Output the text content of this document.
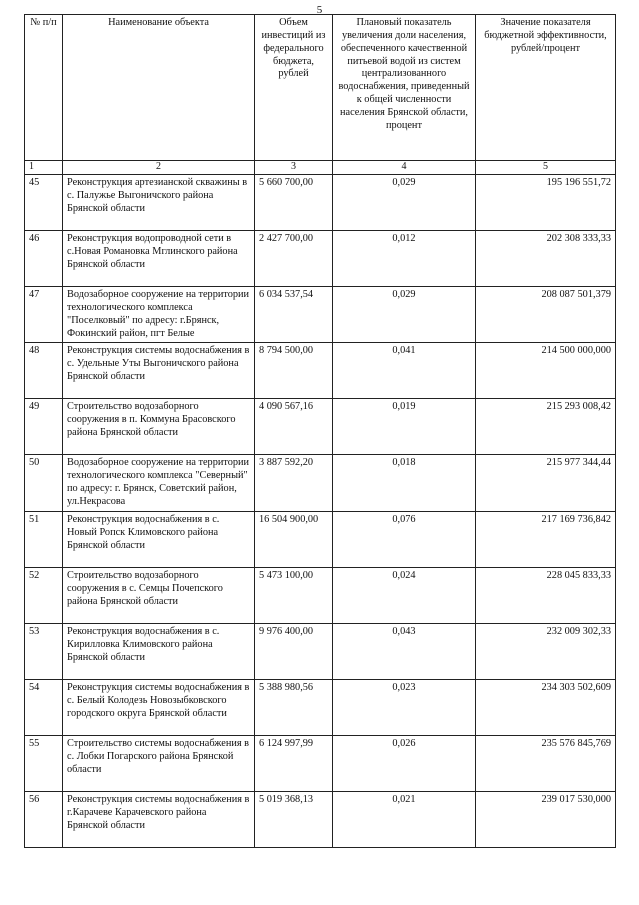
5
№ п/п	Наименование объекта	Объем инвестиций из федерального бюджета, рублей	Плановый показатель увеличения доли населения, обеспеченного качественной питьевой водой из систем централизованного водоснабжения, приведенный к общей численности населения Брянской области, процент	Значение показателя бюджетной эффективности, рублей/процент
1	2	3	4	5
45	Реконструкция артезианской скважины в с. Палужье Выгоничского района Брянской области	5 660 700,00	0,029	195 196 551,72
46	Реконструкция водопроводной сети в с.Новая Романовка Мглинского района Брянской области	2 427 700,00	0,012	202 308 333,33
47	Водозаборное сооружение на территории технологического комплекса "Поселковый" по адресу: г.Брянск, Фокинский район, пгт Белые	6 034 537,54	0,029	208 087 501,379
48	Реконструкция системы водоснабжения в с. Удельные Уты Выгоничского района Брянской области	8 794 500,00	0,041	214 500 000,000
49	Строительство водозаборного сооружения в п. Коммуна Брасовского района Брянской области	4 090 567,16	0,019	215 293 008,42
50	Водозаборное сооружение на территории технологического комплекса "Северный" по адресу: г. Брянск, Советский район, ул.Некрасова	3 887 592,20	0,018	215 977 344,44
51	Реконструкция водоснабжения в с. Новый Ропск Климовского района Брянской области	16 504 900,00	0,076	217 169 736,842
52	Строительство водозаборного сооружения в с. Семцы Почепского района Брянской области	5 473 100,00	0,024	228 045 833,33
53	Реконструкция водоснабжения в с. Кирилловка Климовского района Брянской области	9 976 400,00	0,043	232 009 302,33
54	Реконструкция системы водоснабжения в с. Белый Колодезь Новозыбковского городского округа Брянской области	5 388 980,56	0,023	234 303 502,609
55	Строительство системы водоснабжения в с. Лобки Погарского района Брянской области	6 124 997,99	0,026	235 576 845,769
56	Реконструкция системы водоснабжения в г.Карачеве Карачевского района Брянской области	5 019 368,13	0,021	239 017 530,000
